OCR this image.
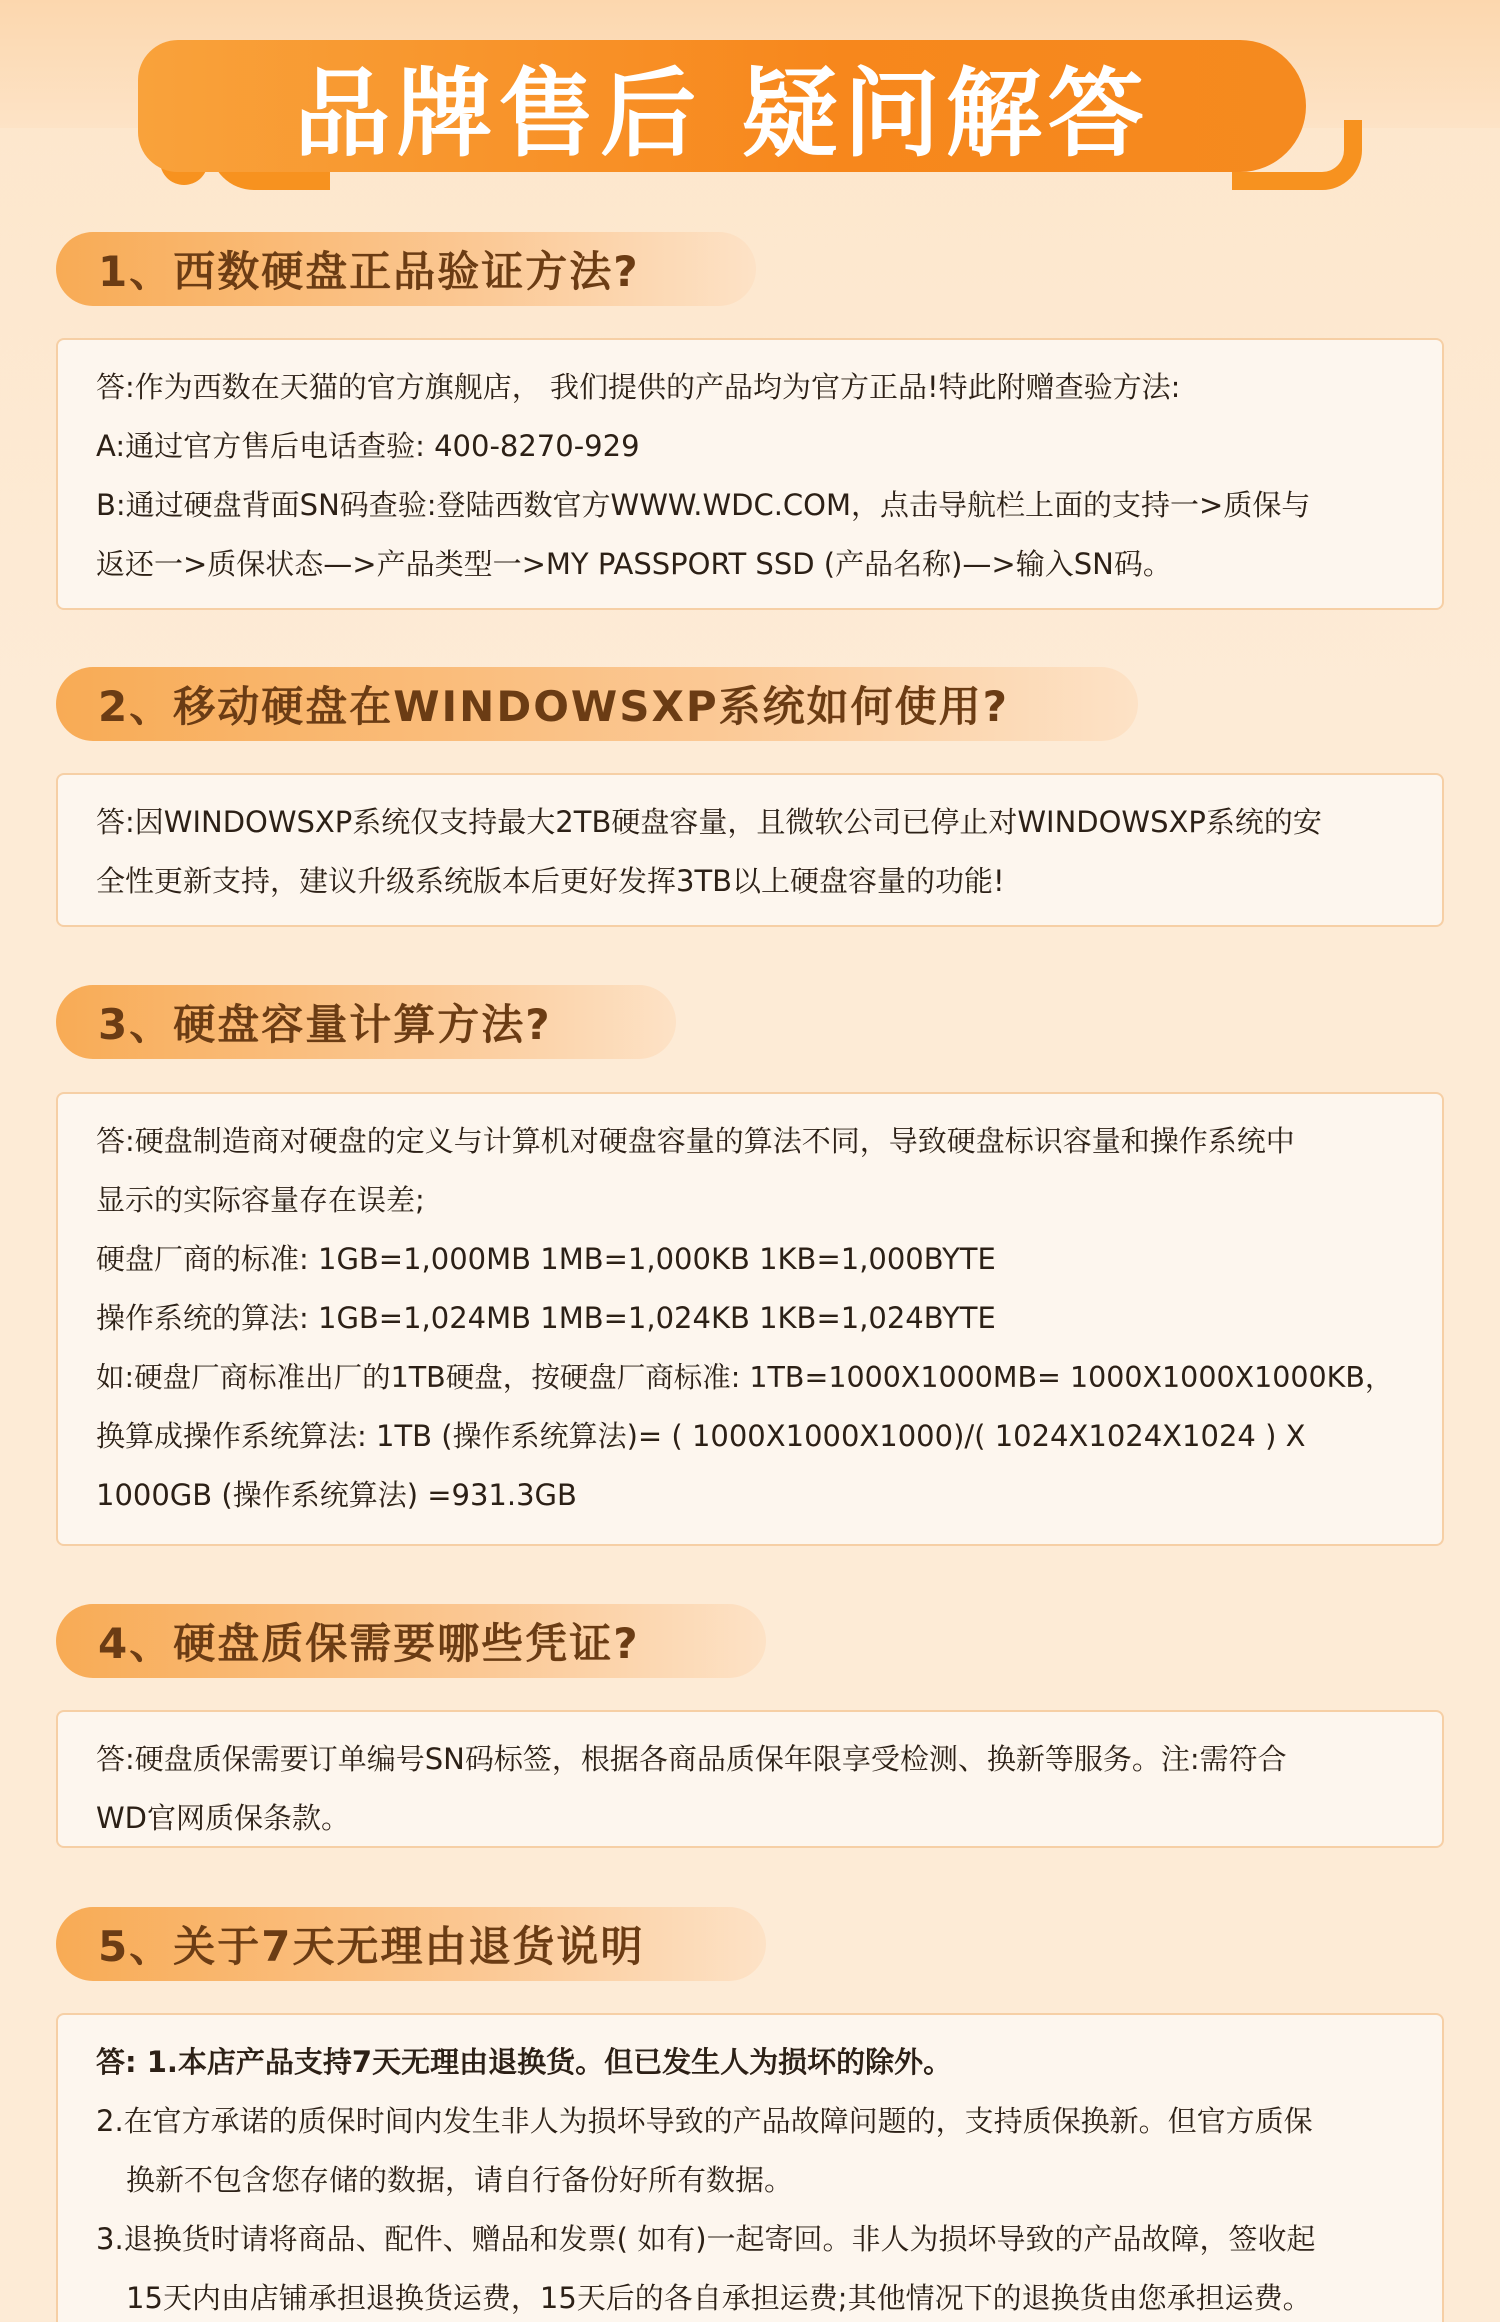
品牌售后 疑问解答
1、西数硬盘正品验证方法?
答:作为西数在天猫的官方旗舰店， 我们提供的产品均为官方正品!特此附赠查验方法:
A:通过官方售后电话查验: 400-8270-929
B:通过硬盘背面SN码查验:登陆西数官方WWW.WDC.COM，点击导航栏上面的支持一>质保与
返还一>质保状态—>产品类型一>MY PASSPORT SSD (产品名称)—>输入SN码。
2、移动硬盘在WINDOWSXP系统如何使用?
答:因WINDOWSXP系统仅支持最大2TB硬盘容量，且微软公司已停止对WINDOWSXP系统的安
全性更新支持，建议升级系统版本后更好发挥3TB以上硬盘容量的功能!
3、硬盘容量计算方法?
答:硬盘制造商对硬盘的定义与计算机对硬盘容量的算法不同，导致硬盘标识容量和操作系统中
显示的实际容量存在误差;
硬盘厂商的标准: 1GB=1,000MB 1MB=1,000KB 1KB=1,000BYTE
操作系统的算法: 1GB=1,024MB 1MB=1,024KB 1KB=1,024BYTE
如:硬盘厂商标准出厂的1TB硬盘，按硬盘厂商标准: 1TB=1000X1000MB= 1000X1000X1000KB，
换算成操作系统算法: 1TB (操作系统算法)= ( 1000X1000X1000)/( 1024X1024X1024 ) X
1000GB (操作系统算法) =931.3GB
4、硬盘质保需要哪些凭证?
答:硬盘质保需要订单编号SN码标签，根据各商品质保年限享受检测、换新等服务。注:需符合
WD官网质保条款。
5、关于7天无理由退货说明
答: 1.本店产品支持7天无理由退换货。但已发生人为损坏的除外。
2.在官方承诺的质保时间内发生非人为损坏导致的产品故障问题的，支持质保换新。但官方质保
换新不包含您存储的数据，请自行备份好所有数据。
3.退换货时请将商品、配件、赠品和发票( 如有)一起寄回。非人为损坏导致的产品故障，签收起
15天内由店铺承担退换货运费，15天后的各自承担运费;其他情况下的退换货由您承担运费。
